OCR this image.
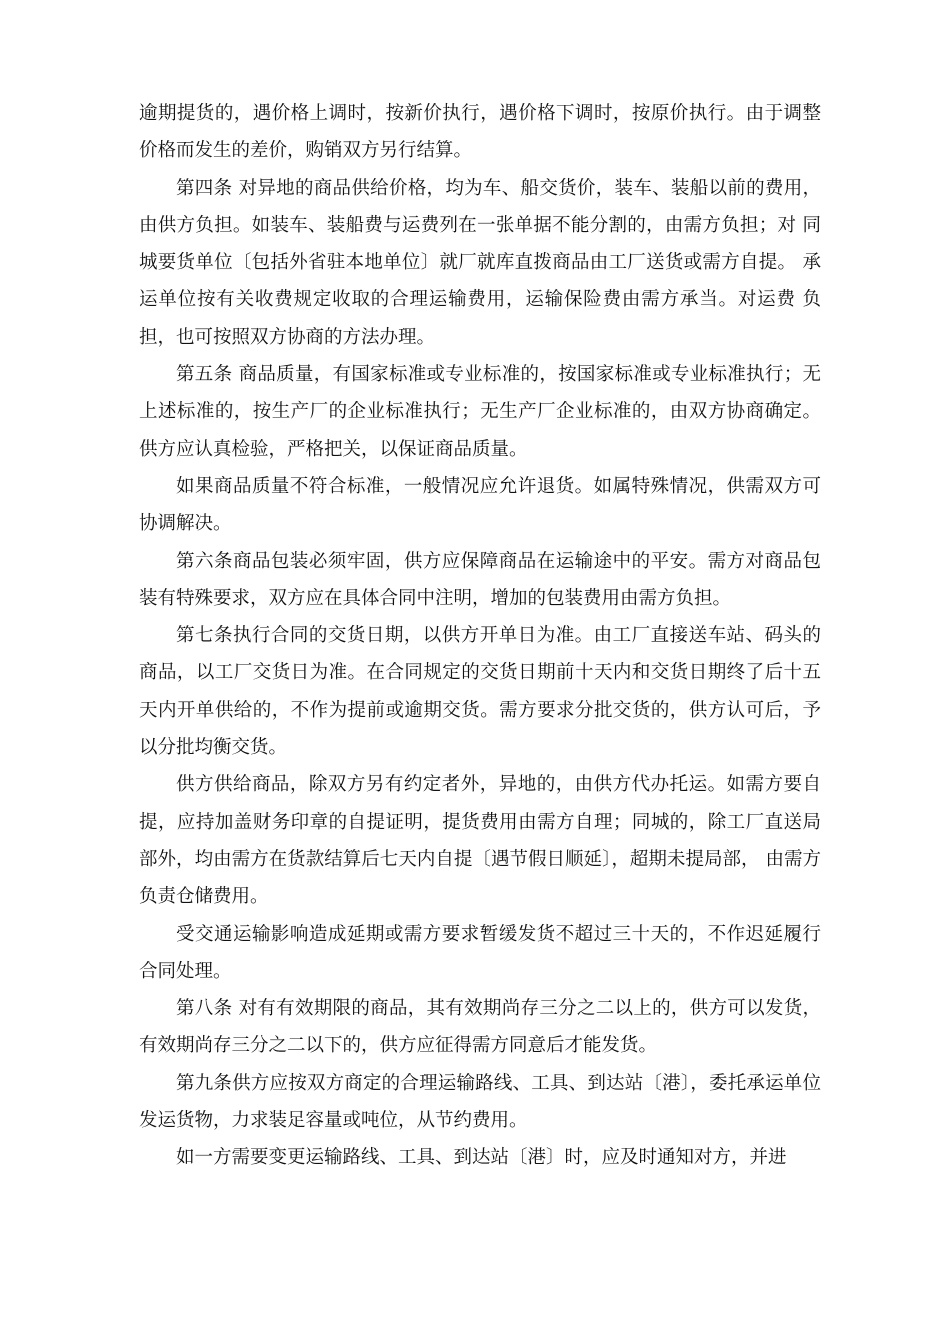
逾期提货的，遇价格上调时，按新价执行，遇价格下调时，按原价执行。由于调整价格而发生的差价，购销双方另行结算。

第四条 对异地的商品供给价格，均为车、船交货价，装车、装船以前的费用， 由供方负担。如装车、装船费与运费列在一张单据不能分割的，由需方负担；对 同城要货单位〔包括外省驻本地单位〕就厂就库直拨商品由工厂送货或需方自提。 承运单位按有关收费规定收取的合理运输费用，运输保险费由需方承当。对运费 负担，也可按照双方协商的方法办理。

第五条 商品质量，有国家标准或专业标准的，按国家标准或专业标准执行；无上述标准的，按生产厂的企业标准执行；无生产厂企业标准的，由双方协商确定。供方应认真检验，严格把关，以保证商品质量。

如果商品质量不符合标准，一般情况应允许退货。如属特殊情况，供需双方可协调解决。

第六条商品包装必须牢固，供方应保障商品在运输途中的平安。需方对商品包装有特殊要求，双方应在具体合同中注明，增加的包装费用由需方负担。

第七条执行合同的交货日期，以供方开单日为准。由工厂直接送车站、码头的商品，以工厂交货日为准。在合同规定的交货日期前十天内和交货日期终了后十五天内开单供给的，不作为提前或逾期交货。需方要求分批交货的，供方认可后，予以分批均衡交货。

供方供给商品，除双方另有约定者外，异地的，由供方代办托运。如需方要自提，应持加盖财务印章的自提证明，提货费用由需方自理；同城的，除工厂直送局部外，均由需方在货款结算后七天内自提〔遇节假日顺延〕，超期未提局部， 由需方负责仓储费用。

受交通运输影响造成延期或需方要求暂缓发货不超过三十天的，不作迟延履行合同处理。

第八条 对有有效期限的商品，其有效期尚存三分之二以上的，供方可以发货， 有效期尚存三分之二以下的，供方应征得需方同意后才能发货。

第九条供方应按双方商定的合理运输路线、工具、到达站〔港〕，委托承运单位发运货物，力求装足容量或吨位，从节约费用。

如一方需要变更运输路线、工具、到达站〔港〕时，应及时通知对方，并进
